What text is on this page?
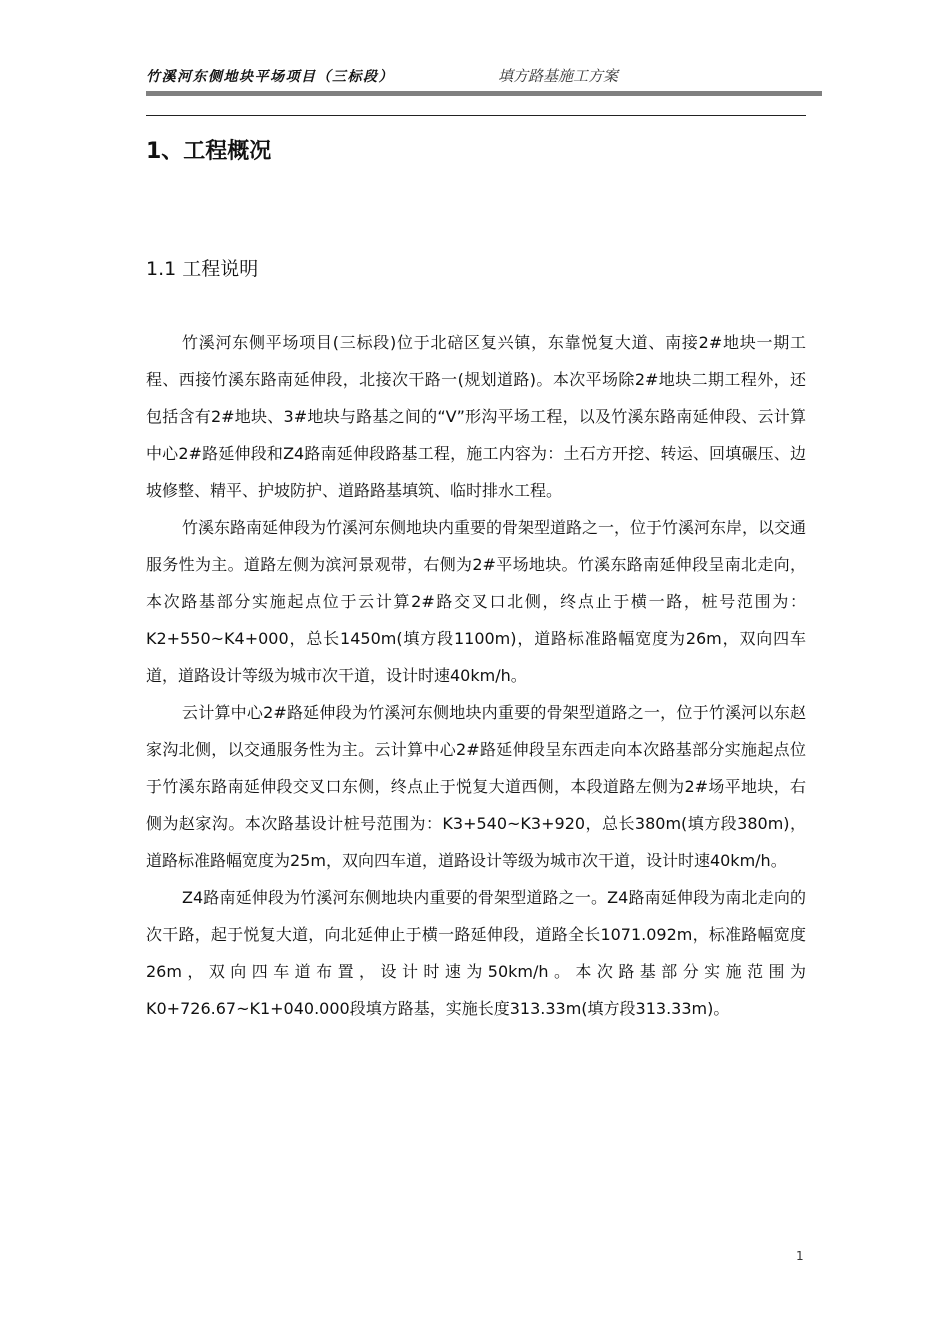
竹溪河东侧地块平场项目（三标段）	填方路基施工方案
1、工程概况
1.1 工程说明

竹溪河东侧平场项目(三标段)位于北碚区复兴镇，东靠悦复大道、南接2#地块一期工程、西接竹溪东路南延伸段，北接次干路一(规划道路)。本次平场除2#地块二期工程外，还包括含有2#地块、3#地块与路基之间的“V”形沟平场工程，以及竹溪东路南延伸段、云计算中心2#路延伸段和Z4路南延伸段路基工程，施工内容为：土石方开挖、转运、回填碾压、边坡修整、精平、护坡防护、道路路基填筑、临时排水工程。

竹溪东路南延伸段为竹溪河东侧地块内重要的骨架型道路之一，位于竹溪河东岸，以交通服务性为主。道路左侧为滨河景观带，右侧为2#平场地块。竹溪东路南延伸段呈南北走向，本次路基部分实施起点位于云计算2#路交叉口北侧，终点止于横一路，桩号范围为：K2+550~K4+000，总长1450m(填方段1100m)，道路标准路幅宽度为26m，双向四车道，道路设计等级为城市次干道，设计时速40km/h。

云计算中心2#路延伸段为竹溪河东侧地块内重要的骨架型道路之一，位于竹溪河以东赵家沟北侧，以交通服务性为主。云计算中心2#路延伸段呈东西走向本次路基部分实施起点位于竹溪东路南延伸段交叉口东侧，终点止于悦复大道西侧，本段道路左侧为2#场平地块，右侧为赵家沟。本次路基设计桩号范围为：K3+540~K3+920，总长380m(填方段380m)，道路标准路幅宽度为25m，双向四车道，道路设计等级为城市次干道，设计时速40km/h。

Z4路南延伸段为竹溪河东侧地块内重要的骨架型道路之一。Z4路南延伸段为南北走向的次干路，起于悦复大道，向北延伸止于横一路延伸段，道路全长1071.092m，标准路幅宽度26m，双向四车道布置，设计时速为50km/h。本次路基部分实施范围为K0+726.67~K1+040.000段填方路基，实施长度313.33m(填方段313.33m)。

1
